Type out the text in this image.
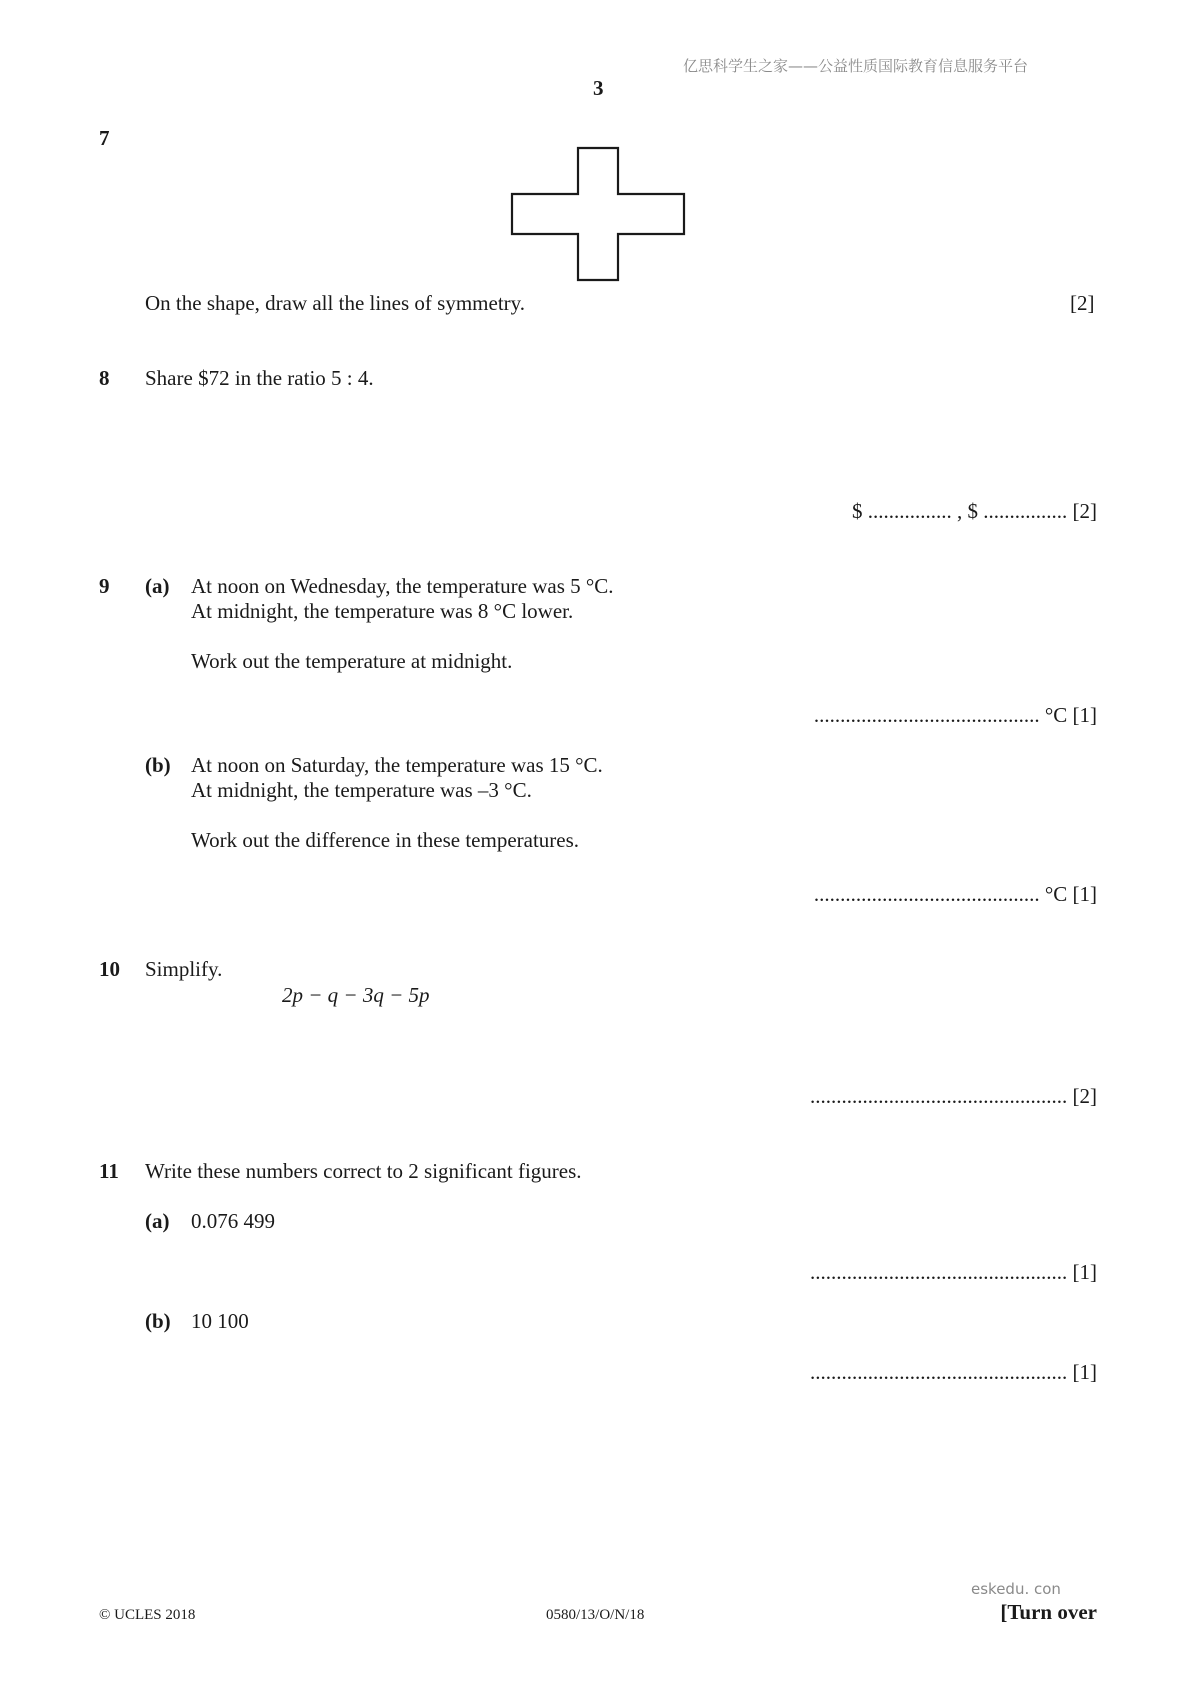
亿思科学生之家——公益性质国际教育信息服务平台
3
7
On the shape, draw all the lines of symmetry.	[2]
8 Share $72 in the ratio 5 : 4.
$ ................ , $ ................ [2]
9 (a) At noon on Wednesday, the temperature was 5 °C.
At midnight, the temperature was 8 °C lower.
Work out the temperature at midnight.
........................................... °C [1]
(b) At noon on Saturday, the temperature was 15 °C.
At midnight, the temperature was –3 °C.
Work out the difference in these temperatures.
........................................... °C [1]
10 Simplify.
2p − q − 3q − 5p
................................................. [2]
11 Write these numbers correct to 2 significant figures.
(a) 0.076 499
................................................. [1]
(b) 10 100
................................................. [1]
eskedu. con
© UCLES 2018	0580/13/O/N/18	[Turn over
